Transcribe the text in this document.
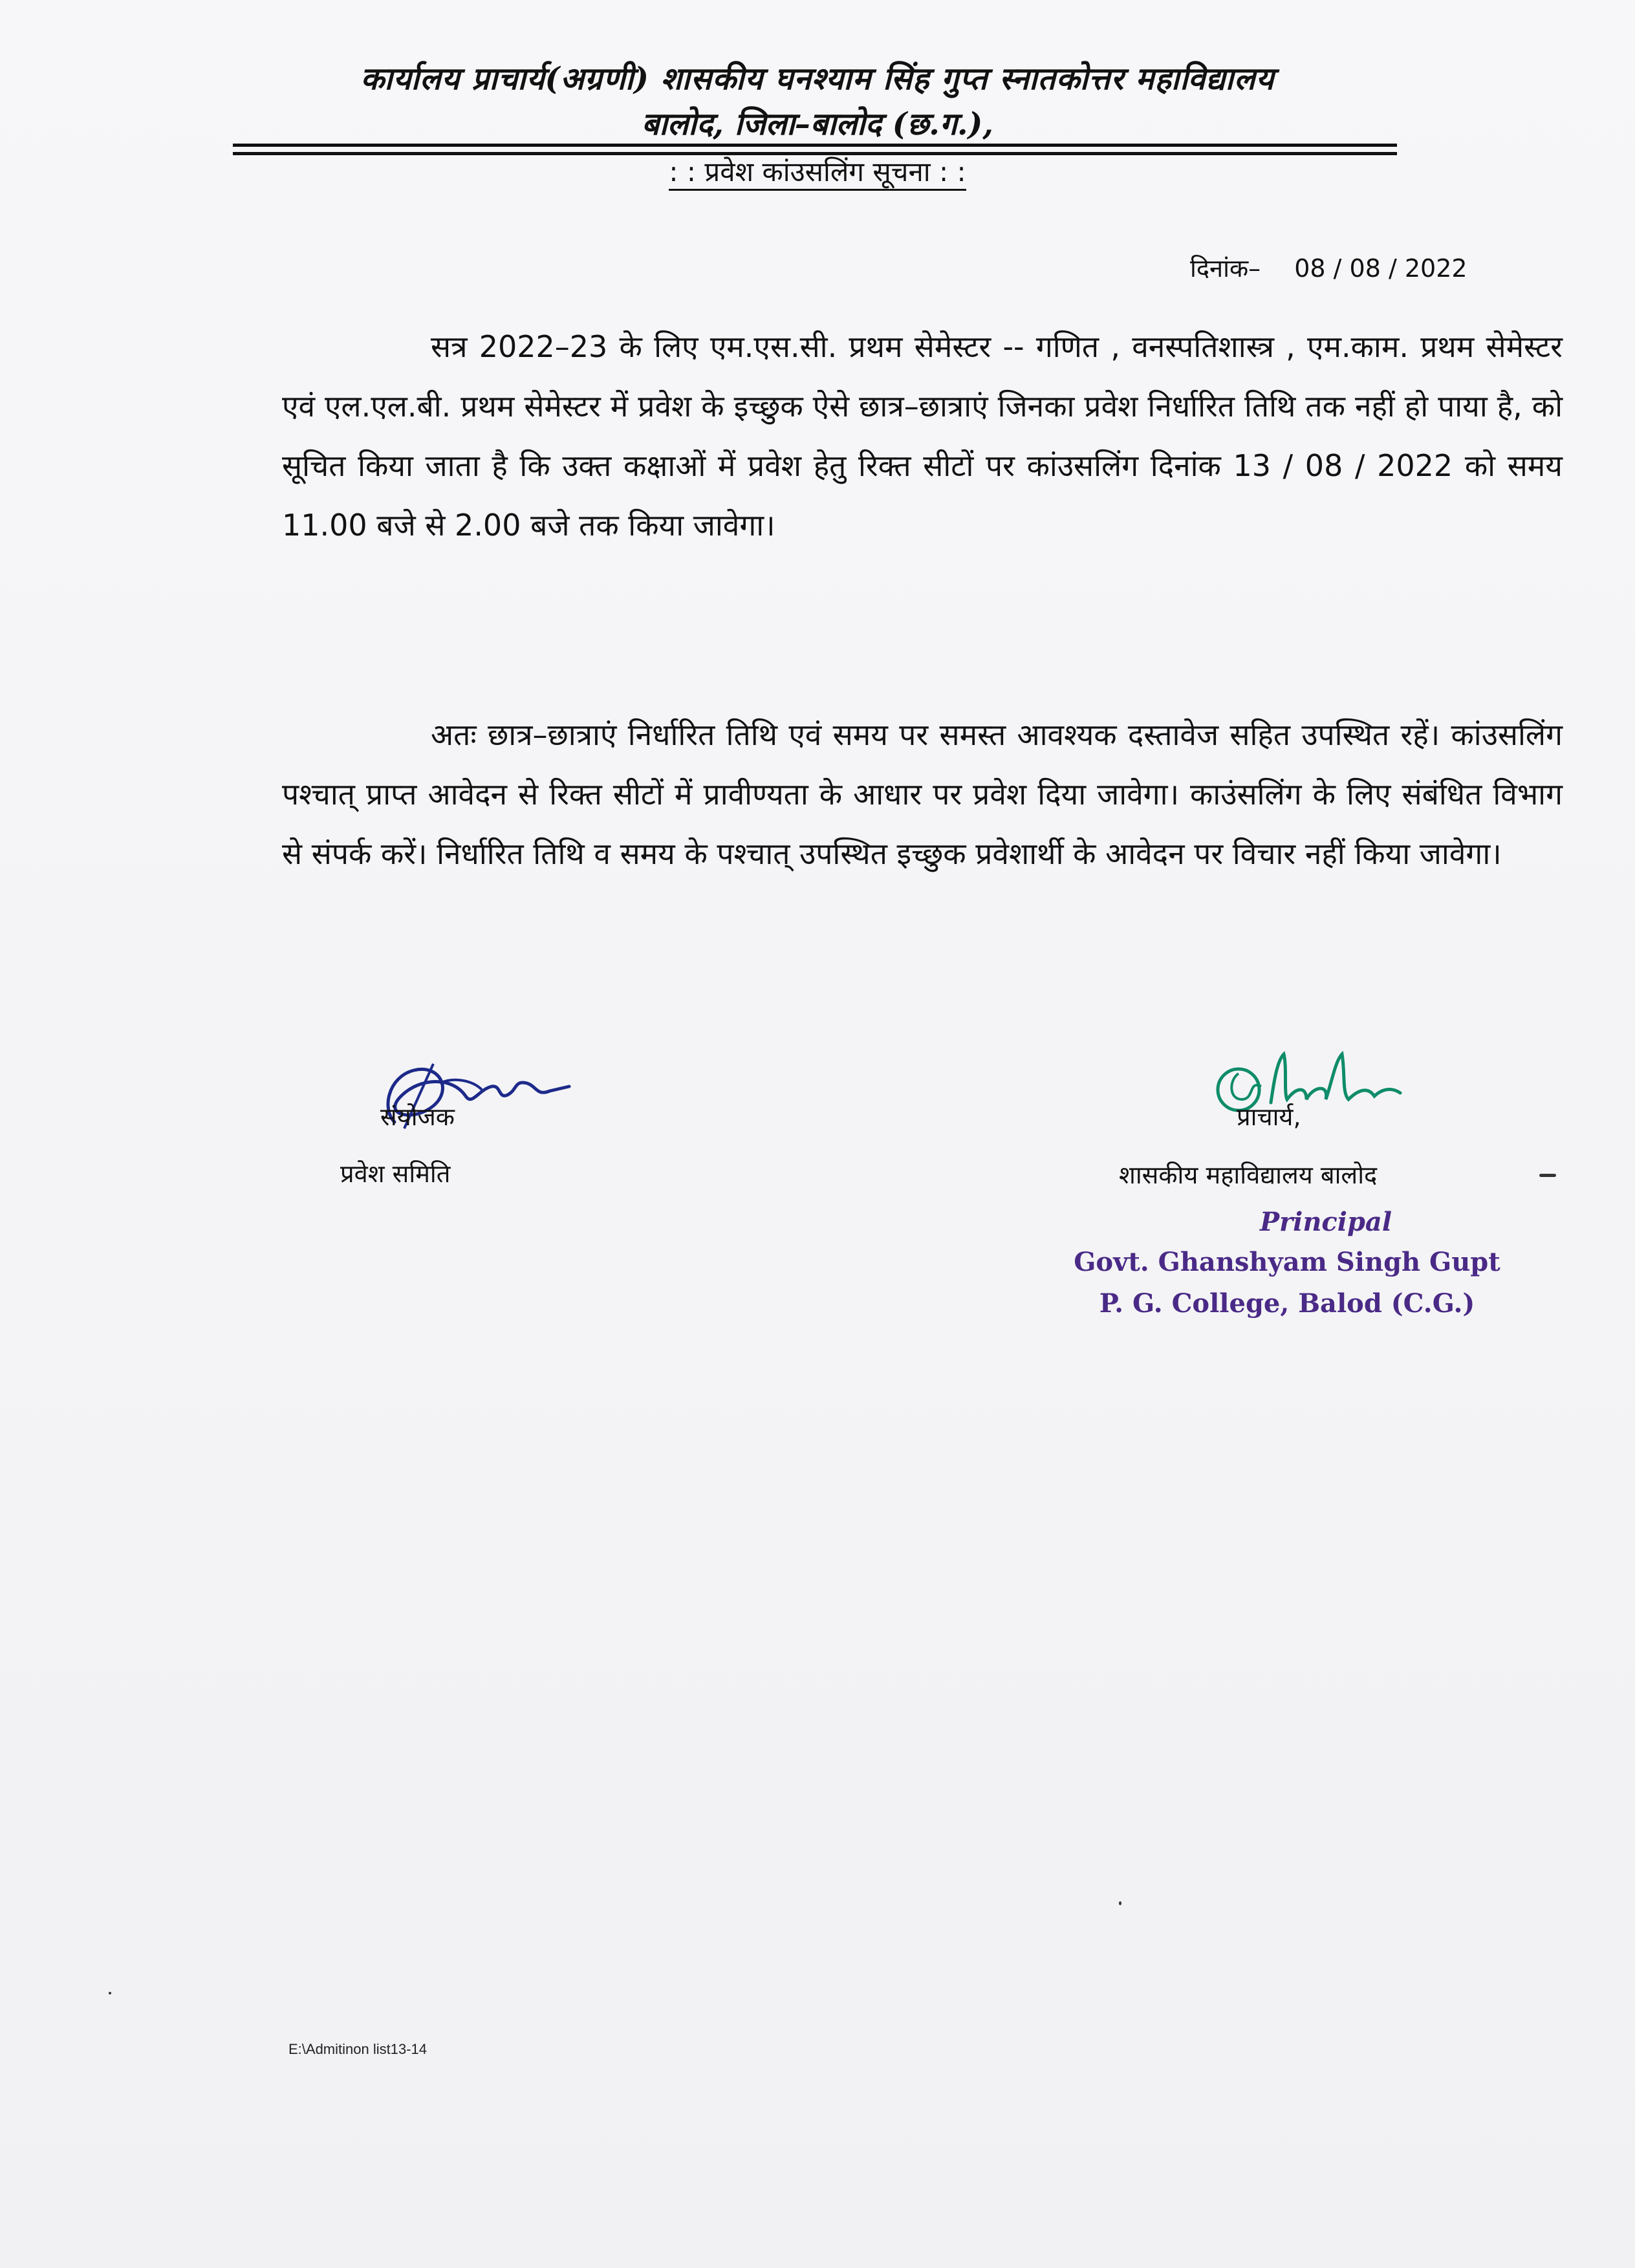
कार्यालय प्राचार्य(अग्रणी) शासकीय घनश्याम सिंह गुप्त स्नातकोत्तर महाविद्यालय
बालोद, जिला–बालोद (छ.ग.),
: : प्रवेश कांउसलिंग सूचना : :
दिनांक– 08 / 08 / 2022
सत्र 2022–23 के लिए एम.एस.सी. प्रथम सेमेस्टर -- गणित , वनस्पतिशास्त्र , एम.काम. प्रथम सेमेस्टर एवं एल.एल.बी. प्रथम सेमेस्टर में प्रवेश के इच्छुक ऐसे छात्र–छात्राएं जिनका प्रवेश निर्धारित तिथि तक नहीं हो पाया है, को सूचित किया जाता है कि उक्त कक्षाओं में प्रवेश हेतु रिक्त सीटों पर कांउसलिंग दिनांक 13 / 08 / 2022 को समय 11.00 बजे से 2.00 बजे तक किया जावेगा।
अतः छात्र–छात्राएं निर्धारित तिथि एवं समय पर समस्त आवश्यक दस्तावेज सहित उपस्थित रहें। कांउसलिंग पश्चात् प्राप्त आवेदन से रिक्त सीटों में प्रावीण्यता के आधार पर प्रवेश दिया जावेगा। काउंसलिंग के लिए संबंधित विभाग से संपर्क करें। निर्धारित तिथि व समय के पश्चात् उपस्थित इच्छुक प्रवेशार्थी के आवेदन पर विचार नहीं किया जावेगा।
संयोजक
प्रवेश समिति
प्राचार्य,
शासकीय महाविद्यालय बालोद
Principal
Govt. Ghanshyam Singh Gupt
P. G. College, Balod (C.G.)
E:\Admitinon list13-14
